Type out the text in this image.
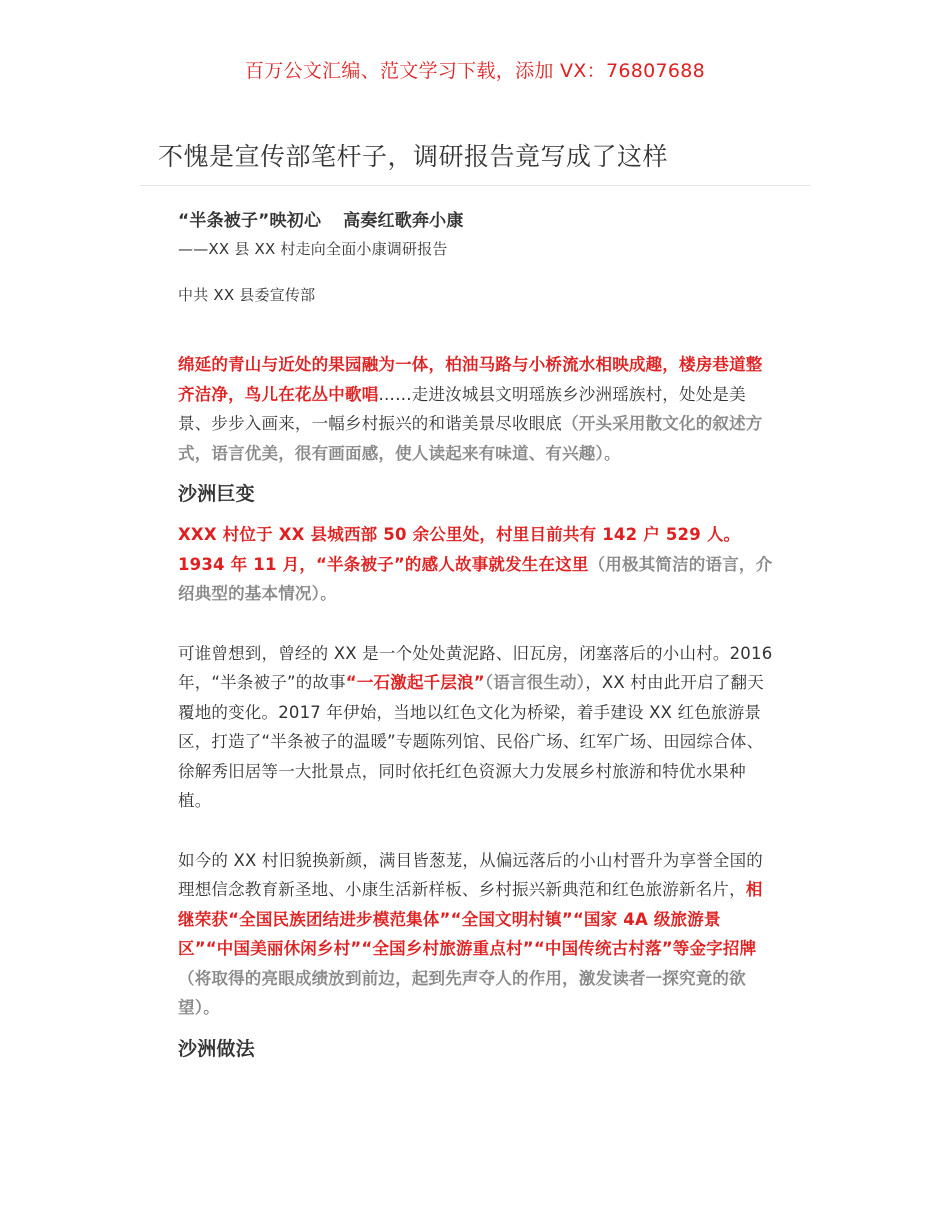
百万公文汇编、范文学习下载，添加 VX：76807688
不愧是宣传部笔杆子，调研报告竟写成了这样
“半条被子”映初心 高奏红歌奔小康
——XX 县 XX 村走向全面小康调研报告
中共 XX 县委宣传部

绵延的青山与近处的果园融为一体，柏油马路与小桥流水相映成趣，楼房巷道整齐洁净，鸟儿在花丛中歌唱……走进汝城县文明瑶族乡沙洲瑶族村，处处是美景、步步入画来，一幅乡村振兴的和谐美景尽收眼底（开头采用散文化的叙述方式，语言优美，很有画面感，使人读起来有味道、有兴趣）。

沙洲巨变

XXX 村位于 XX 县城西部 50 余公里处，村里目前共有 142 户 529 人。1934 年 11 月，“半条被子”的感人故事就发生在这里（用极其简洁的语言，介绍典型的基本情况）。

可谁曾想到，曾经的 XX 是一个处处黄泥路、旧瓦房，闭塞落后的小山村。2016 年，“半条被子”的故事“一石激起千层浪”（语言很生动），XX 村由此开启了翻天覆地的变化。2017 年伊始，当地以红色文化为桥梁，着手建设 XX 红色旅游景区，打造了“半条被子的温暖”专题陈列馆、民俗广场、红军广场、田园综合体、徐解秀旧居等一大批景点，同时依托红色资源大力发展乡村旅游和特优水果种植。

如今的 XX 村旧貌换新颜，满目皆葱茏，从偏远落后的小山村晋升为享誉全国的理想信念教育新圣地、小康生活新样板、乡村振兴新典范和红色旅游新名片，相继荣获“全国民族团结进步模范集体”“全国文明村镇”“国家 4A 级旅游景区”“中国美丽休闲乡村”“全国乡村旅游重点村”“中国传统古村落”等金字招牌（将取得的亮眼成绩放到前边，起到先声夺人的作用，激发读者一探究竟的欲望）。

沙洲做法
